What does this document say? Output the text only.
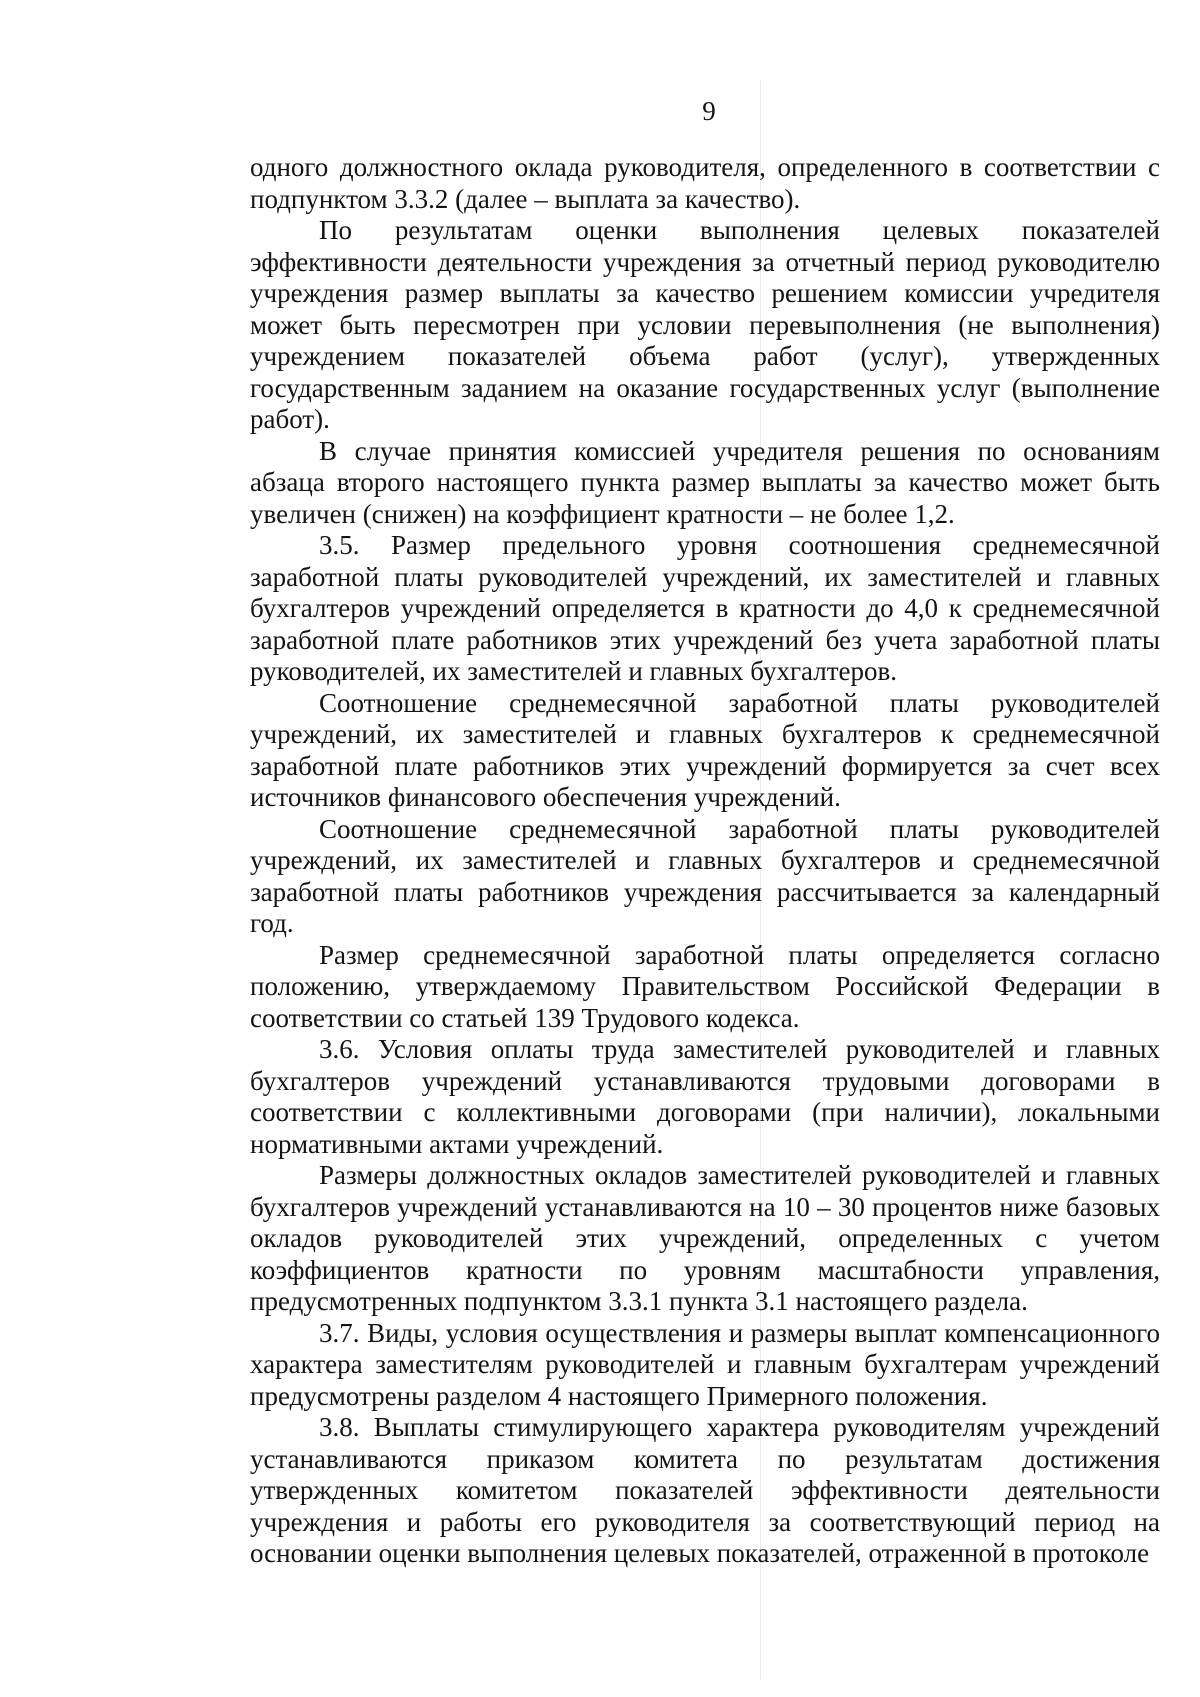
9

одного должностного оклада руководителя, определенного в соответствии с подпунктом 3.3.2 (далее – выплата за качество).

По результатам оценки выполнения целевых показателей эффективности деятельности учреждения за отчетный период руководителю учреждения размер выплаты за качество решением комиссии учредителя может быть пересмотрен при условии перевыполнения (не выполнения) учреждением показателей объема работ (услуг), утвержденных государственным заданием на оказание государственных услуг (выполнение работ).

В случае принятия комиссией учредителя решения по основаниям абзаца второго настоящего пункта размер выплаты за качество может быть увеличен (снижен) на коэффициент кратности – не более 1,2.

3.5. Размер предельного уровня соотношения среднемесячной заработной платы руководителей учреждений, их заместителей и главных бухгалтеров учреждений определяется в кратности до 4,0 к среднемесячной заработной плате работников этих учреждений без учета заработной платы руководителей, их заместителей и главных бухгалтеров.

Соотношение среднемесячной заработной платы руководителей учреждений, их заместителей и главных бухгалтеров к среднемесячной заработной плате работников этих учреждений формируется за счет всех источников финансового обеспечения учреждений.

Соотношение среднемесячной заработной платы руководителей учреждений, их заместителей и главных бухгалтеров и среднемесячной заработной платы работников учреждения рассчитывается за календарный год.

Размер среднемесячной заработной платы определяется согласно положению, утверждаемому Правительством Российской Федерации в соответствии со статьей 139 Трудового кодекса.

3.6. Условия оплаты труда заместителей руководителей и главных бухгалтеров учреждений устанавливаются трудовыми договорами в соответствии с коллективными договорами (при наличии), локальными нормативными актами учреждений.

Размеры должностных окладов заместителей руководителей и главных бухгалтеров учреждений устанавливаются на 10 – 30 процентов ниже базовых окладов руководителей этих учреждений, определенных с учетом коэффициентов кратности по уровням масштабности управления, предусмотренных подпунктом 3.3.1 пункта 3.1 настоящего раздела.

3.7. Виды, условия осуществления и размеры выплат компенсационного характера заместителям руководителей и главным бухгалтерам учреждений предусмотрены разделом 4 настоящего Примерного положения.

3.8. Выплаты стимулирующего характера руководителям учреждений устанавливаются приказом комитета по результатам достижения утвержденных комитетом показателей эффективности деятельности учреждения и работы его руководителя за соответствующий период на основании оценки выполнения целевых показателей, отраженной в протоколе
